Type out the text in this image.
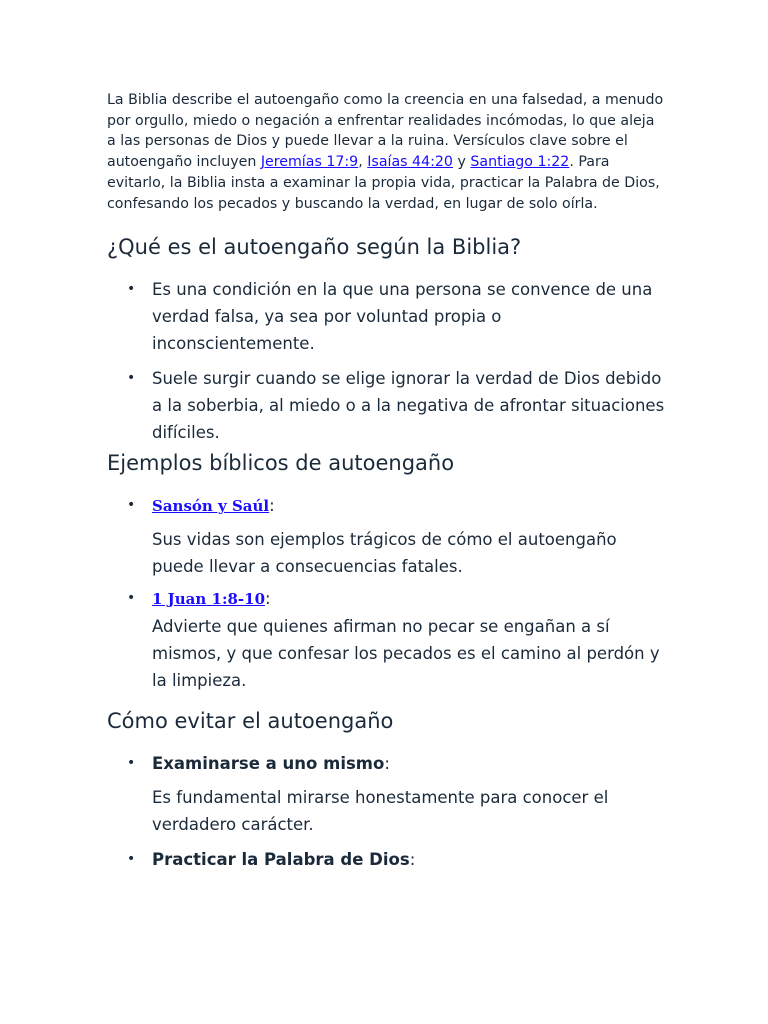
La Biblia describe el autoengaño como la creencia en una falsedad, a menudo por orgullo, miedo o negación a enfrentar realidades incómodas, lo que aleja a las personas de Dios y puede llevar a la ruina. Versículos clave sobre el autoengaño incluyen Jeremías 17:9, Isaías 44:20 y Santiago 1:22. Para evitarlo, la Biblia insta a examinar la propia vida, practicar la Palabra de Dios, confesando los pecados y buscando la verdad, en lugar de solo oírla.

¿Qué es el autoengaño según la Biblia?
• Es una condición en la que una persona se convence de una verdad falsa, ya sea por voluntad propia o inconscientemente.
• Suele surgir cuando se elige ignorar la verdad de Dios debido a la soberbia, al miedo o a la negativa de afrontar situaciones difíciles.
Ejemplos bíblicos de autoengaño
• Sansón y Saúl:
Sus vidas son ejemplos trágicos de cómo el autoengaño puede llevar a consecuencias fatales.
• 1 Juan 1:8-10:
Advierte que quienes afirman no pecar se engañan a sí mismos, y que confesar los pecados es el camino al perdón y la limpieza.
Cómo evitar el autoengaño
• Examinarse a uno mismo:
Es fundamental mirarse honestamente para conocer el verdadero carácter.
• Practicar la Palabra de Dios:
